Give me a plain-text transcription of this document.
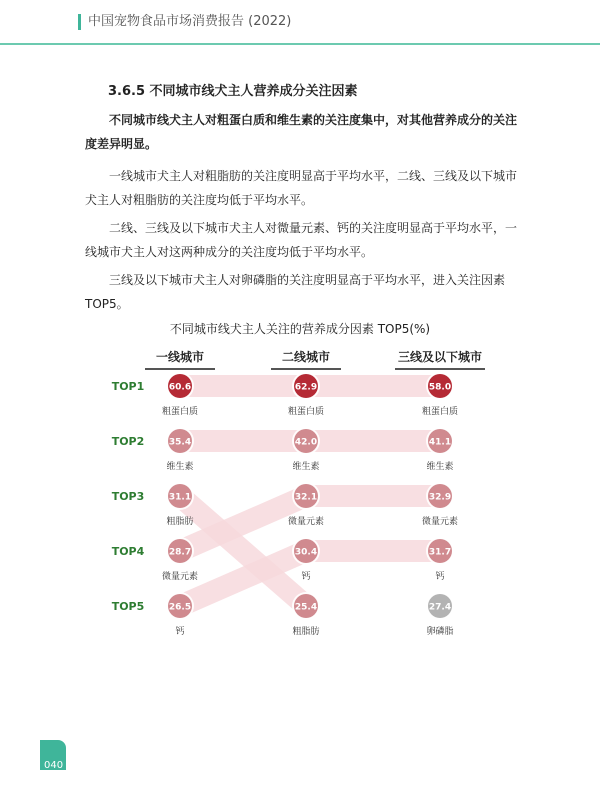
中国宠物食品市场消费报告 (2022)
3.6.5 不同城市线犬主人营养成分关注因素

不同城市线犬主人对粗蛋白质和维生素的关注度集中，对其他营养成分的关注度差异明显。

一线城市犬主人对粗脂肪的关注度明显高于平均水平，二线、三线及以下城市犬主人对粗脂肪的关注度均低于平均水平。

二线、三线及以下城市犬主人对微量元素、钙的关注度明显高于平均水平，一线城市犬主人对这两种成分的关注度均低于平均水平。

三线及以下城市犬主人对卵磷脂的关注度明显高于平均水平，进入关注因素TOP5。

不同城市线犬主人关注的营养成分因素 TOP5(%)
一线城市	二线城市	三线及以下城市
TOP1
TOP2
TOP3
TOP4
TOP5
60.6
粗蛋白质
35.4
维生素
31.1
粗脂肪
28.7
微量元素
26.5
钙
62.9
粗蛋白质
42.0
维生素
32.1
微量元素
30.4
钙
25.4
粗脂肪
58.0
粗蛋白质
41.1
维生素
32.9
微量元素
31.7
钙
27.4
卵磷脂
040
